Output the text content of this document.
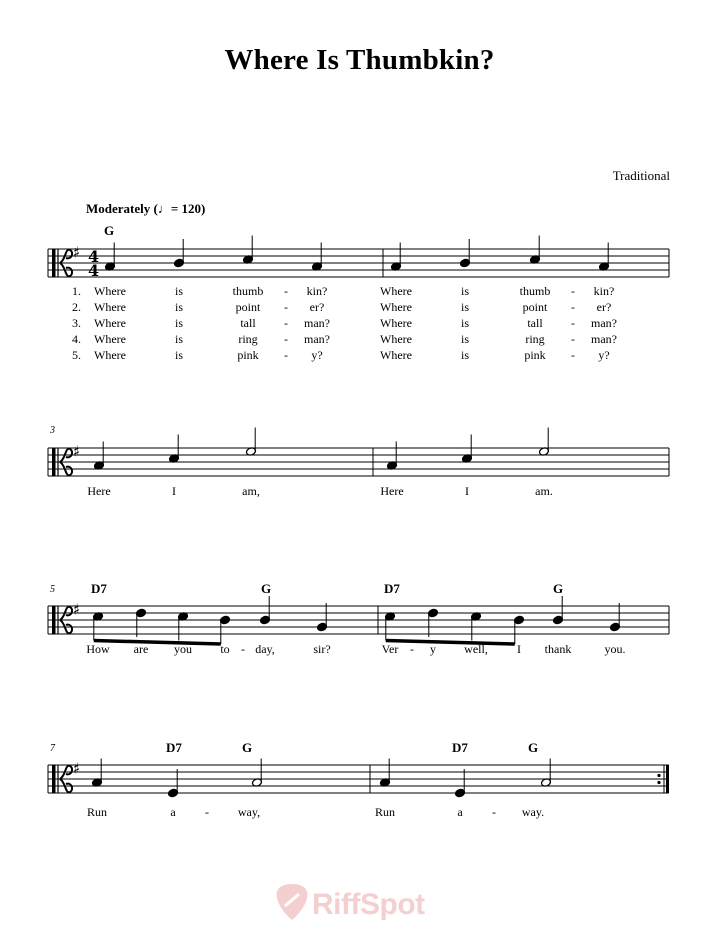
Where Is Thumbkin?
Traditional
Moderately (♩= 120)
G
D7	G	D7	G
D7	G	D7	G
3
5
7
♯ 4
4
♯
♯
♯
1. Where	is	thumb - kin?	Where	is	thumb - kin?
2. Where	is	point - er?	Where	is	point - er?
3. Where	is	tall - man?	Where	is	tall - man?
4. Where	is	ring - man?	Where	is	ring - man?
5. Where	is	pink - y?	Where	is	pink - y?
Here	I	am,	Here	I	am.
How are you to - day,	sir?	Ver - y well, I thank	you.
Run	a - way,	Run	a - way.
RiffSpot
